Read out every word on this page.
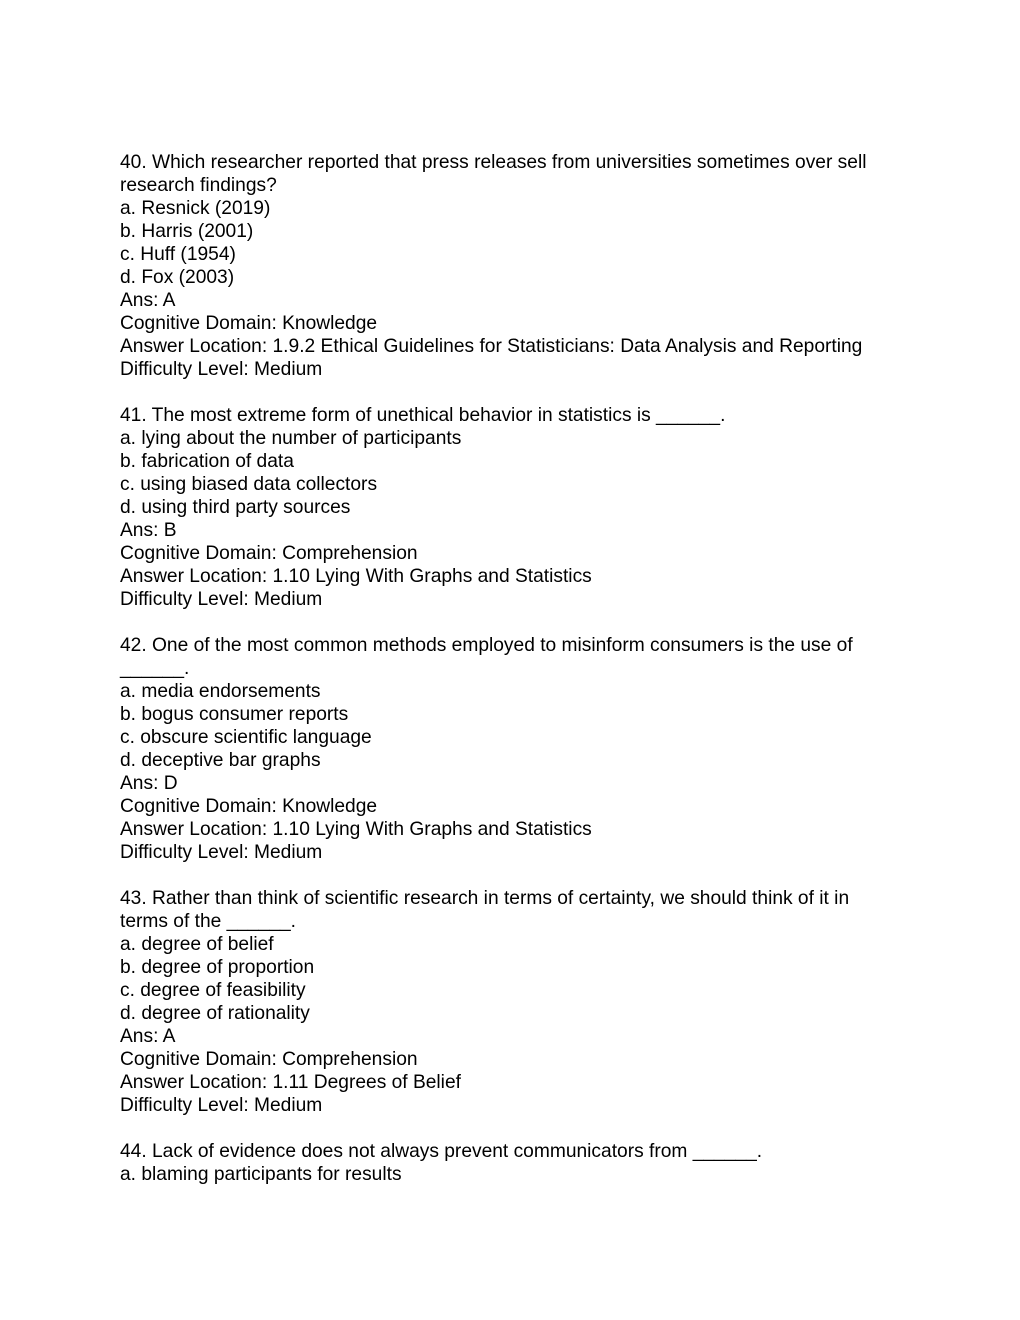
40. Which researcher reported that press releases from universities sometimes over sell
research findings?
a. Resnick (2019)
b. Harris (2001)
c. Huff (1954)
d. Fox (2003)
Ans: A
Cognitive Domain: Knowledge
Answer Location: 1.9.2 Ethical Guidelines for Statisticians: Data Analysis and Reporting
Difficulty Level: Medium
41. The most extreme form of unethical behavior in statistics is ______.
a. lying about the number of participants
b. fabrication of data
c. using biased data collectors
d. using third party sources
Ans: B
Cognitive Domain: Comprehension
Answer Location: 1.10 Lying With Graphs and Statistics
Difficulty Level: Medium
42. One of the most common methods employed to misinform consumers is the use of
______.
a. media endorsements
b. bogus consumer reports
c. obscure scientific language
d. deceptive bar graphs
Ans: D
Cognitive Domain: Knowledge
Answer Location: 1.10 Lying With Graphs and Statistics
Difficulty Level: Medium
43. Rather than think of scientific research in terms of certainty, we should think of it in
terms of the ______.
a. degree of belief
b. degree of proportion
c. degree of feasibility
d. degree of rationality
Ans: A
Cognitive Domain: Comprehension
Answer Location: 1.11 Degrees of Belief
Difficulty Level: Medium
44. Lack of evidence does not always prevent communicators from ______.
a. blaming participants for results
